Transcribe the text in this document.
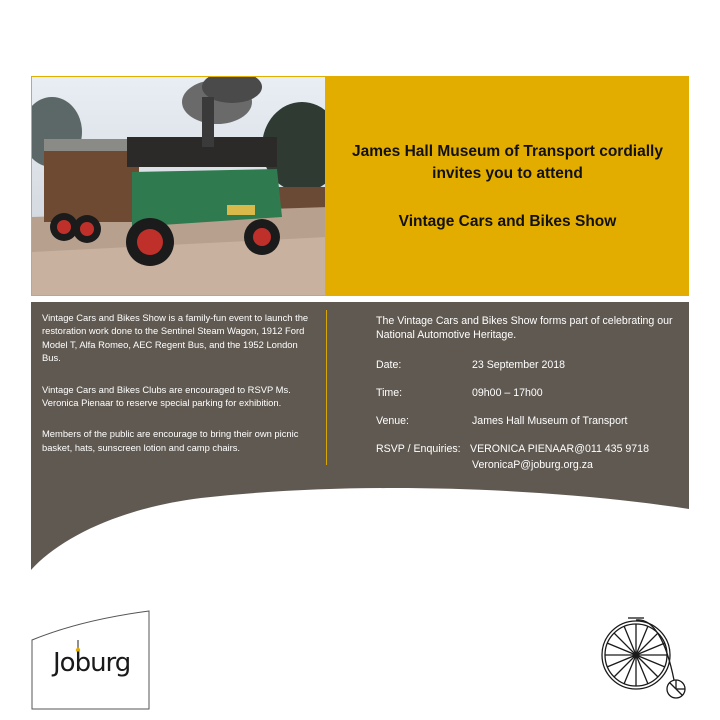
James Hall Museum of Transport cordially
invites you to attend
Vintage Cars and Bikes Show

Vintage Cars and Bikes Show is a family-fun event to launch the restoration work done to the Sentinel Steam Wagon, 1912 Ford Model T, Alfa Romeo, AEC Regent Bus, and the 1952 London Bus.

Vintage Cars and Bikes Clubs are encouraged to RSVP Ms. Veronica Pienaar to reserve special parking for exhibition.

Members of the public are encourage to bring their own picnic basket, hats, sunscreen lotion and camp chairs.

The Vintage Cars and Bikes Show forms part of celebrating our National Automotive Heritage.
Date:	23 September 2018
Time:	09h00 – 17h00
Venue:	James Hall Museum of Transport
RSVP / Enquiries: VERONICA PIENAAR@011 435 9718
VeronicaP@joburg.org.za
Joburg
